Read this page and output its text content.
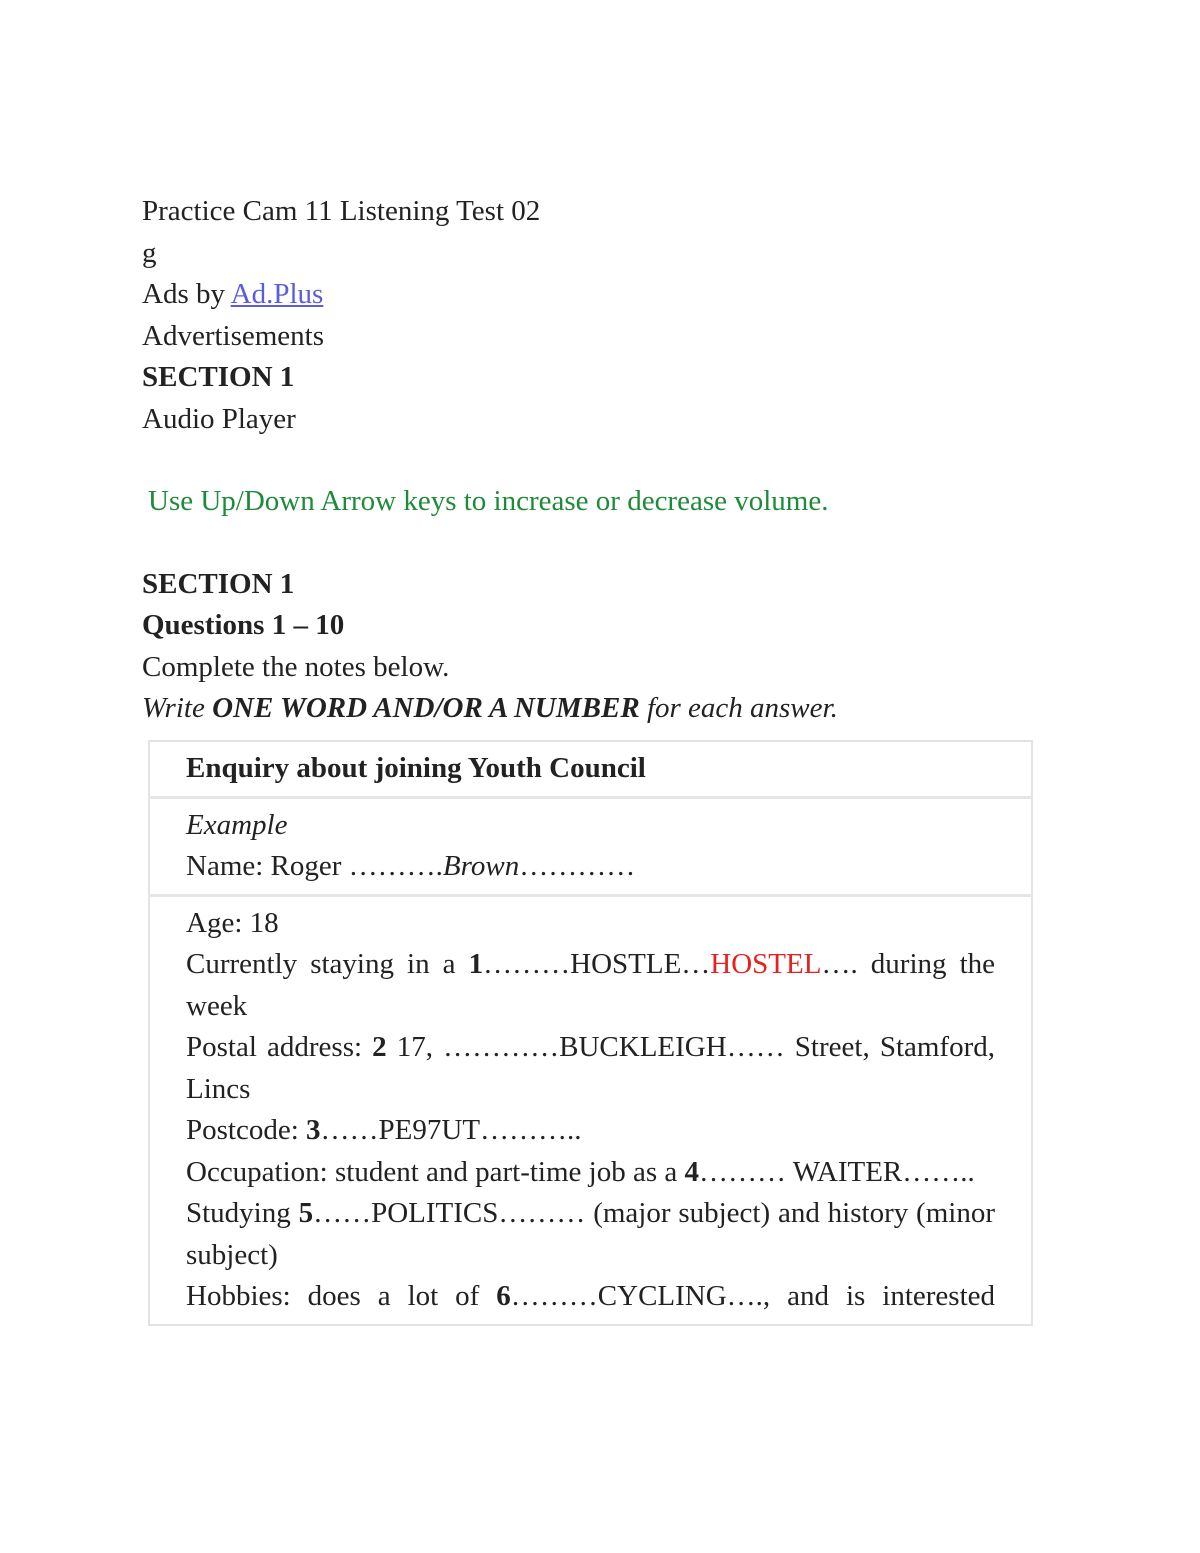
Practice Cam 11 Listening Test 02
g
Ads by Ad.Plus
Advertisements
SECTION 1
Audio Player
Use Up/Down Arrow keys to increase or decrease volume.
SECTION 1
Questions 1 – 10
Complete the notes below.
Write ONE WORD AND/OR A NUMBER for each answer.
Enquiry about joining Youth Council

Example
Name: Roger ……….Brown…………

Age: 18
Currently staying in a 1………HOSTLE…HOSTEL…. during the week
Postal address: 2 17, …………BUCKLEIGH…… Street, Stamford, Lincs
Postcode: 3……PE97UT………..
Occupation: student and part-time job as a 4……… WAITER……..
Studying 5……POLITICS……… (major subject) and history (minor subject)
Hobbies: does a lot of 6………CYCLING…., and is interested
